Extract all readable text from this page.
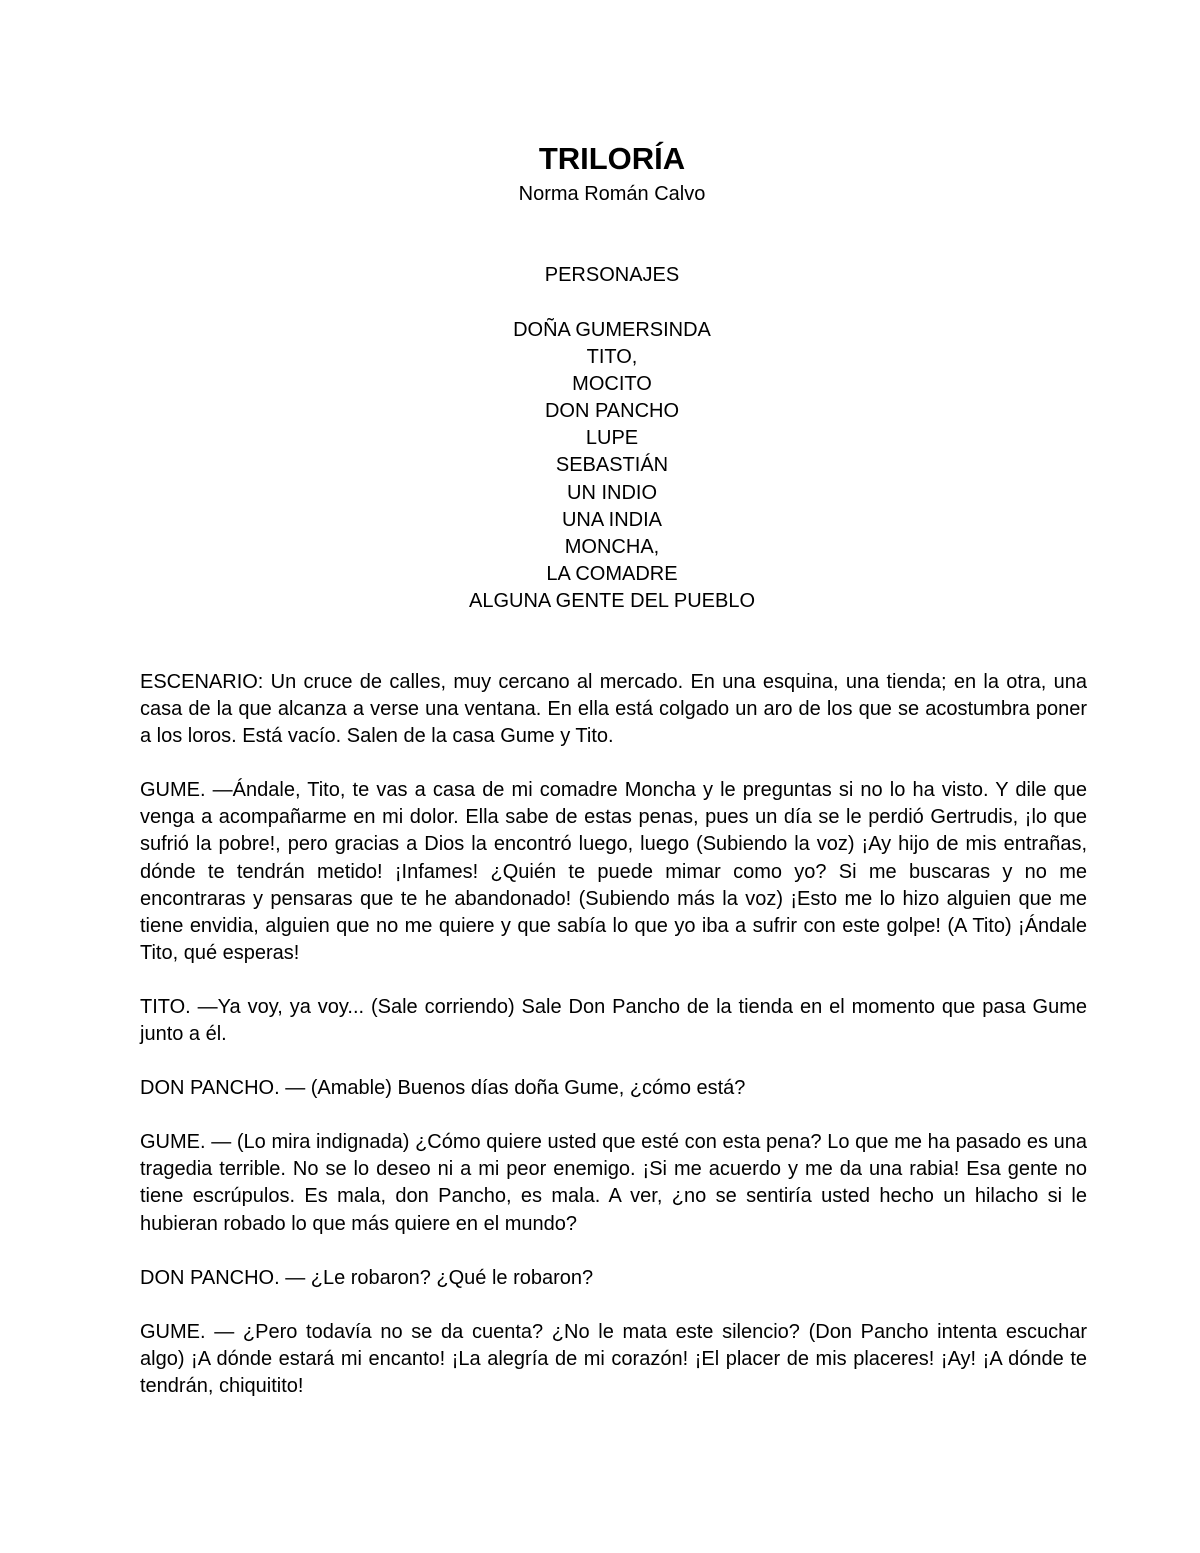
TRILORÍA
Norma Román Calvo
PERSONAJES
DOÑA GUMERSINDA
TITO,
MOCITO
DON PANCHO
LUPE
SEBASTIÁN
UN INDIO
UNA INDIA
MONCHA,
LA COMADRE
ALGUNA GENTE DEL PUEBLO

ESCENARIO: Un cruce de calles, muy cercano al mercado. En una esquina, una tienda; en la otra, una casa de la que alcanza a verse una ventana. En ella está colgado un aro de los que se acostumbra poner a los loros. Está vacío. Salen de la casa Gume y Tito.

GUME. —Ándale, Tito, te vas a casa de mi comadre Moncha y le preguntas si no lo ha visto. Y dile que venga a acompañarme en mi dolor. Ella sabe de estas penas, pues un día se le perdió Gertrudis, ¡lo que sufrió la pobre!, pero gracias a Dios la encontró luego, luego (Subiendo la voz) ¡Ay hijo de mis entrañas, dónde te tendrán metido! ¡Infames! ¿Quién te puede mimar como yo? Si me buscaras y no me encontraras y pensaras que te he abandonado! (Subiendo más la voz) ¡Esto me lo hizo alguien que me tiene envidia, alguien que no me quiere y que sabía lo que yo iba a sufrir con este golpe! (A Tito) ¡Ándale Tito, qué esperas!

TITO. —Ya voy, ya voy... (Sale corriendo) Sale Don Pancho de la tienda en el momento que pasa Gume junto a él.

DON PANCHO. — (Amable) Buenos días doña Gume, ¿cómo está?

GUME. — (Lo mira indignada) ¿Cómo quiere usted que esté con esta pena? Lo que me ha pasado es una tragedia terrible. No se lo deseo ni a mi peor enemigo. ¡Si me acuerdo y me da una rabia! Esa gente no tiene escrúpulos. Es mala, don Pancho, es mala. A ver, ¿no se sentiría usted hecho un hilacho si le hubieran robado lo que más quiere en el mundo?

DON PANCHO. — ¿Le robaron? ¿Qué le robaron?

GUME. — ¿Pero todavía no se da cuenta? ¿No le mata este silencio? (Don Pancho intenta escuchar algo) ¡A dónde estará mi encanto! ¡La alegría de mi corazón! ¡El placer de mis placeres! ¡Ay! ¡A dónde te tendrán, chiquitito!
